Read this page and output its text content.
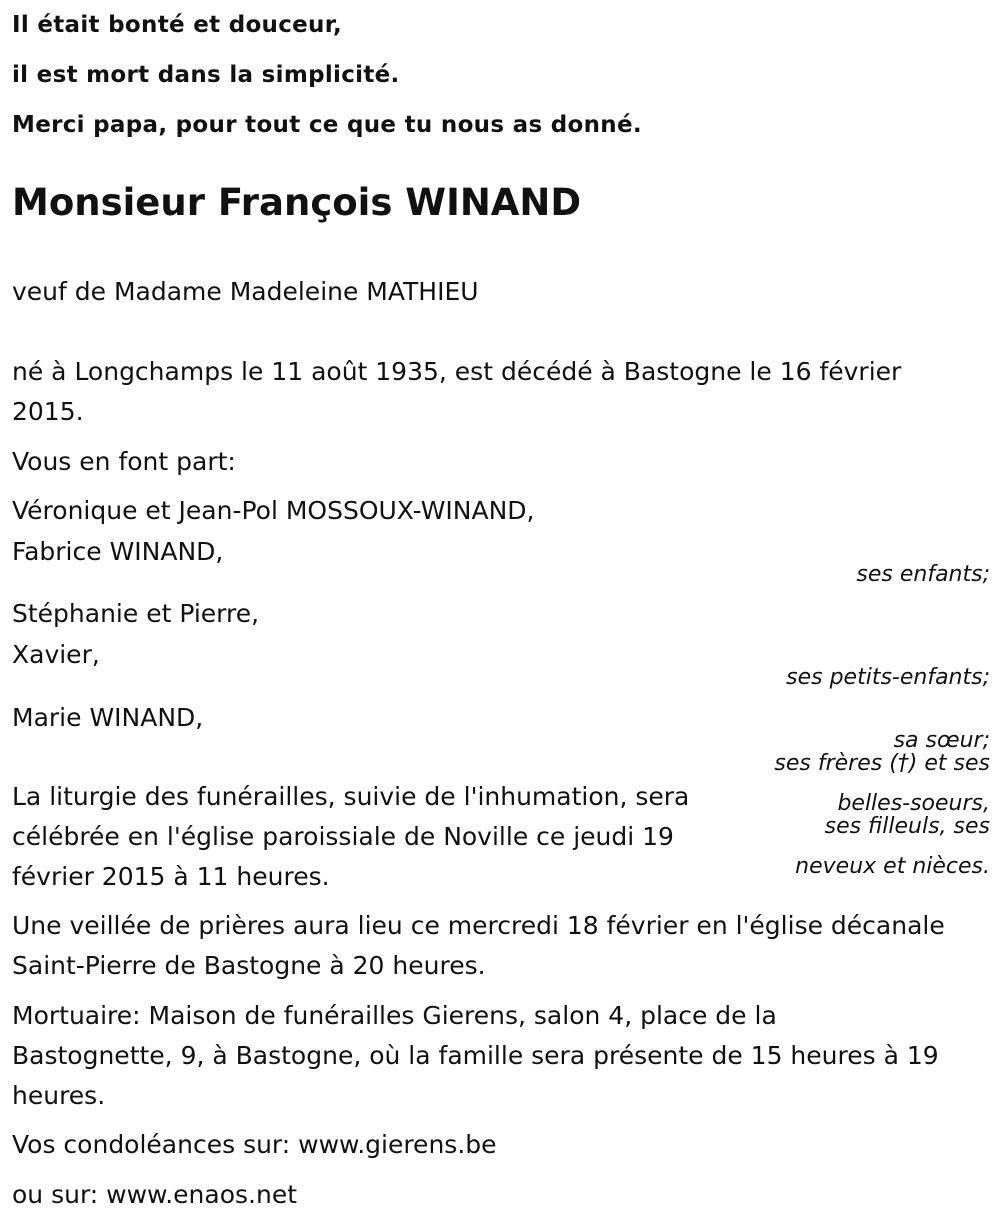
Il était bonté et douceur,
il est mort dans la simplicité.
Merci papa, pour tout ce que tu nous as donné.
Monsieur François WINAND
veuf de Madame Madeleine MATHIEU
né à Longchamps le 11 août 1935, est décédé à Bastogne le 16 février
2015.
Vous en font part:
Véronique et Jean-Pol MOSSOUX-WINAND,
Fabrice WINAND,
ses enfants;
Stéphanie et Pierre,
Xavier,
ses petits-enfants;
Marie WINAND,
sa sœur;
ses frères (†) et ses
belles-soeurs,
ses filleuls, ses
neveux et nièces.
La liturgie des funérailles, suivie de l'inhumation, sera
célébrée en l'église paroissiale de Noville ce jeudi 19
février 2015 à 11 heures.
Une veillée de prières aura lieu ce mercredi 18 février en l'église décanale
Saint-Pierre de Bastogne à 20 heures.
Mortuaire: Maison de funérailles Gierens, salon 4, place de la
Bastognette, 9, à Bastogne, où la famille sera présente de 15 heures à 19
heures.
Vos condoléances sur: www.gierens.be
ou sur: www.enaos.net
